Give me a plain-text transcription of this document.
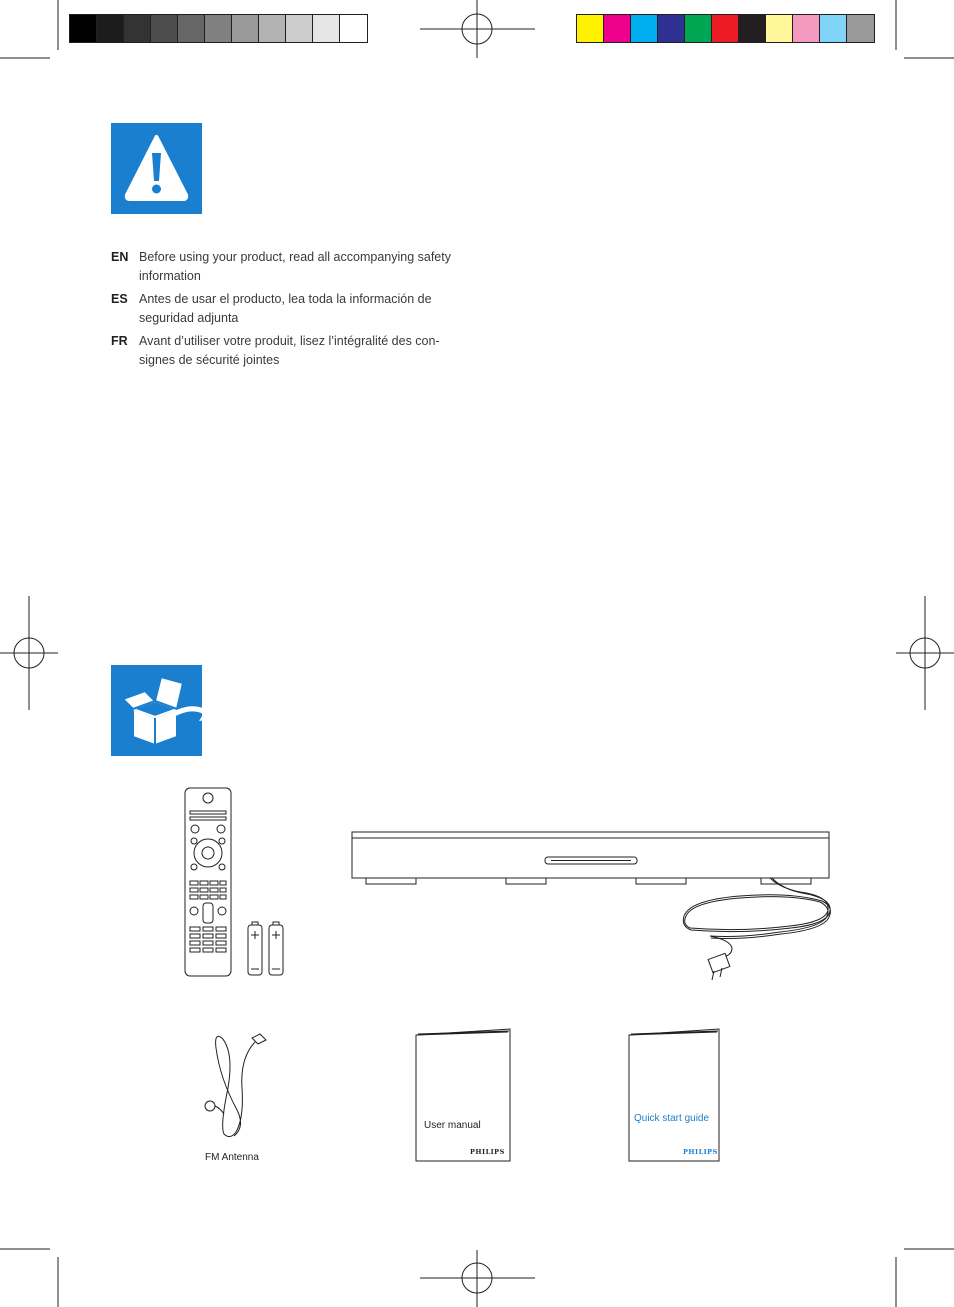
EN Before using your product, read all accompanying safety information
ES Antes de usar el producto, lea toda la información de seguridad adjunta
FR Avant d’utiliser votre produit, lisez l’intégralité des con-signes de sécurité jointes
FM Antenna
User manual
PHILIPS
Quick start guide
PHILIPS
